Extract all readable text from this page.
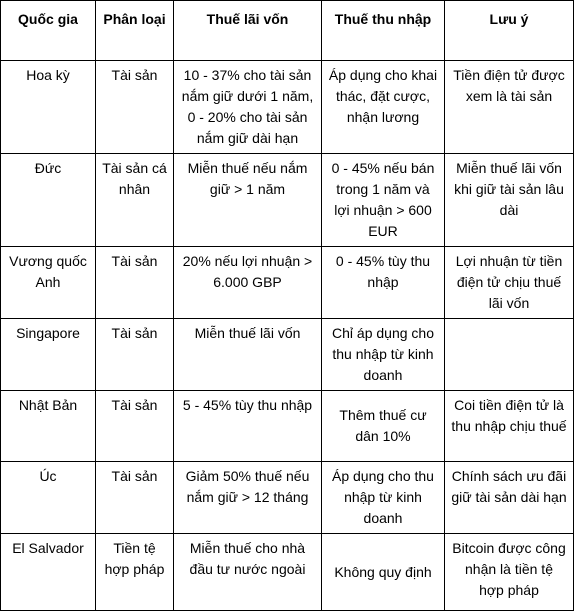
Quốc gia	Phân loại	Thuế lãi vốn	Thuế thu nhập	Lưu ý
Hoa kỳ	Tài sản	10 - 37% cho tài sản nắm giữ dưới 1 năm, 0 - 20% cho tài sản nắm giữ dài hạn	Áp dụng cho khai thác, đặt cược, nhận lương	Tiền điện tử được xem là tài sản
Đức	Tài sản cá nhân	Miễn thuế nếu nắm giữ > 1 năm	0 - 45% nếu bán trong 1 năm và lợi nhuận > 600 EUR	Miễn thuế lãi vốn khi giữ tài sản lâu dài
Vương quốc Anh	Tài sản	20% nếu lợi nhuận > 6.000 GBP	0 - 45% tùy thu nhập	Lợi nhuận từ tiền điện tử chịu thuế lãi vốn
Singapore	Tài sản	Miễn thuế lãi vốn	Chỉ áp dụng cho thu nhập từ kinh doanh	
Nhật Bản	Tài sản	5 - 45% tùy thu nhập	Thêm thuế cư dân 10%	Coi tiền điện tử là thu nhập chịu thuế
Úc	Tài sản	Giảm 50% thuế nếu nắm giữ > 12 tháng	Áp dụng cho thu nhập từ kinh doanh	Chính sách ưu đãi giữ tài sản dài hạn
El Salvador	Tiền tệ hợp pháp	Miễn thuế cho nhà đầu tư nước ngoài	Không quy định	Bitcoin được công nhận là tiền tệ hợp pháp
